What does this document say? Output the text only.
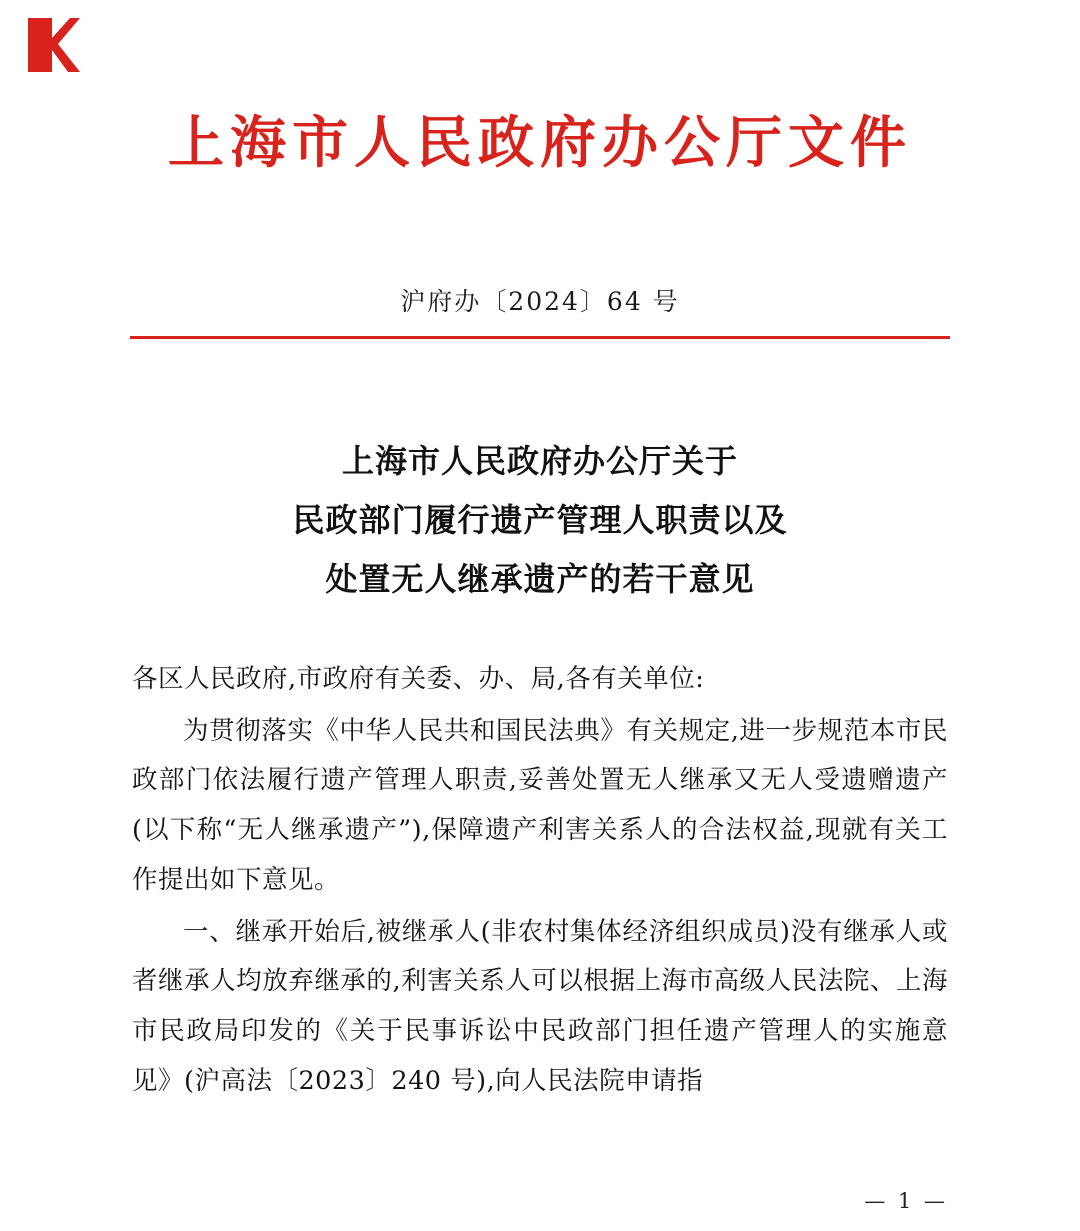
上海市人民政府办公厅文件
沪府办〔2024〕64 号
上海市人民政府办公厅关于
民政部门履行遗产管理人职责以及
处置无人继承遗产的若干意见

各区人民政府,市政府有关委、办、局,各有关单位:

为贯彻落实《中华人民共和国民法典》有关规定,进一步规范本市民政部门依法履行遗产管理人职责,妥善处置无人继承又无人受遗赠遗产(以下称“无人继承遗产”),保障遗产利害关系人的合法权益,现就有关工作提出如下意见。

一、继承开始后,被继承人(非农村集体经济组织成员)没有继承人或者继承人均放弃继承的,利害关系人可以根据上海市高级人民法院、上海市民政局印发的《关于民事诉讼中民政部门担任遗产管理人的实施意见》(沪高法〔2023〕240 号),向人民法院申请指

— 1 —
